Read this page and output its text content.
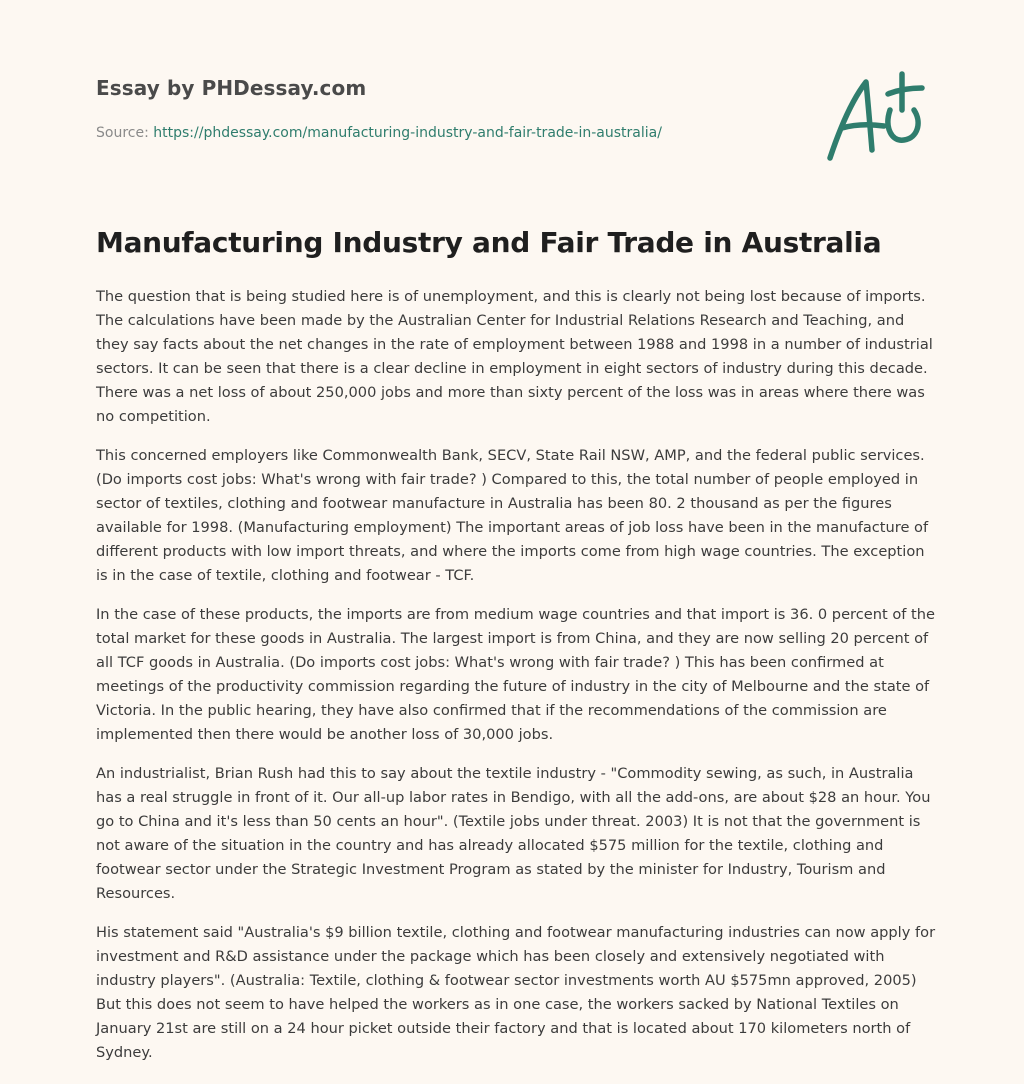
Essay by PHDessay.com
Source: https://phdessay.com/manufacturing-industry-and-fair-trade-in-australia/
Manufacturing Industry and Fair Trade in Australia

The question that is being studied here is of unemployment, and this is clearly not being lost because of imports. The calculations have been made by the Australian Center for Industrial Relations Research and Teaching, and they say facts about the net changes in the rate of employment between 1988 and 1998 in a number of industrial sectors. It can be seen that there is a clear decline in employment in eight sectors of industry during this decade. There was a net loss of about 250,000 jobs and more than sixty percent of the loss was in areas where there was no competition.

This concerned employers like Commonwealth Bank, SECV, State Rail NSW, AMP, and the federal public services. (Do imports cost jobs: What's wrong with fair trade? ) Compared to this, the total number of people employed in sector of textiles, clothing and footwear manufacture in Australia has been 80. 2 thousand as per the figures available for 1998. (Manufacturing employment) The important areas of job loss have been in the manufacture of different products with low import threats, and where the imports come from high wage countries. The exception is in the case of textile, clothing and footwear - TCF.

In the case of these products, the imports are from medium wage countries and that import is 36. 0 percent of the total market for these goods in Australia. The largest import is from China, and they are now selling 20 percent of all TCF goods in Australia. (Do imports cost jobs: What's wrong with fair trade? ) This has been confirmed at meetings of the productivity commission regarding the future of industry in the city of Melbourne and the state of Victoria. In the public hearing, they have also confirmed that if the recommendations of the commission are implemented then there would be another loss of 30,000 jobs.

An industrialist, Brian Rush had this to say about the textile industry - "Commodity sewing, as such, in Australia has a real struggle in front of it. Our all-up labor rates in Bendigo, with all the add-ons, are about $28 an hour. You go to China and it's less than 50 cents an hour". (Textile jobs under threat. 2003) It is not that the government is not aware of the situation in the country and has already allocated $575 million for the textile, clothing and footwear sector under the Strategic Investment Program as stated by the minister for Industry, Tourism and Resources.

His statement said "Australia's $9 billion textile, clothing and footwear manufacturing industries can now apply for investment and R&D assistance under the package which has been closely and extensively negotiated with industry players". (Australia: Textile, clothing & footwear sector investments worth AU $575mn approved, 2005) But this does not seem to have helped the workers as in one case, the workers sacked by National Textiles on January 21st are still on a 24 hour picket outside their factory and that is located about 170 kilometers north of Sydney.
